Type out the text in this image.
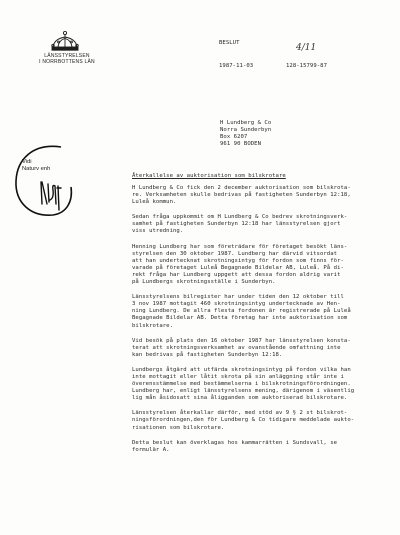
LÄNSSTYRELSEN
I NORRBOTTENS LÄN
BESLUT
1987-11-03	128-15799-87
4/11
H Lundberg & Co
Norra Sunderbyn
Box 6207
961 90 BODEN
Vidi
Naturv enh
Återkallelse av auktorisation som bilskrotare

H Lundberg & Co fick den 2 december auktorisation som bilskrota-
re. Verksamheten skulle bedrivas på fastigheten Sunderbyn 12:18,
Luleå kommun.

Sedan fråga uppkommit om H Lundberg & Co bedrev skrotningsverk-
samhet på fastigheten Sunderbyn 12:18 har länsstyrelsen gjort
viss utredning.

Henning Lundberg har som företrädare för företaget besökt läns-
styrelsen den 30 oktober 1987. Lundberg har därvid vitsordat
att han undertecknat skrotningsintyg för fordon som finns för-
varade på företaget Luleå Begagnade Bildelar AB, Luleå. På di-
rekt fråga har Lundberg uppgett att dessa fordon aldrig varit
på Lundbergs skrotningsställe i Sunderbyn.

Länsstyrelsens bilregister har under tiden den 12 oktober till
3 nov 1987 mottagit 460 skrotningsintyg undertecknade av Hen-
ning Lundberg. De allra flesta fordonen är registrerade på Luleå
Begagnade Bildelar AB. Detta företag har inte auktorisation som
bilskrotare.

Vid besök på plats den 16 oktober 1987 har länsstyrelsen konsta-
terat att skrotningsverksamhet av ovanstående omfattning inte
kan bedrivas på fastigheten Sunderbyn 12:18.

Lundbergs åtgärd att utfärda skrotningsintyg på fordon vilka han
inte mottagit eller låtit skrota på sin anläggning står inte i
överensstämmelse med bestämmelserna i bilskrotningsförordningen.
Lundberg har, enligt länsstyrelsens mening, därigenom i väsentlig
lig mån åsidosatt sina åligganden som auktoriserad bilskrotare.

Länsstyrelsen återkallar därför, med stöd av 9 § 2 st bilskrot-
ningsförordningen,den för Lundberg & Co tidigare meddelade aukto-
risationen som bilskrotare.

Detta beslut kan överklagas hos kammarrätten i Sundsvall, se
formulär A.
